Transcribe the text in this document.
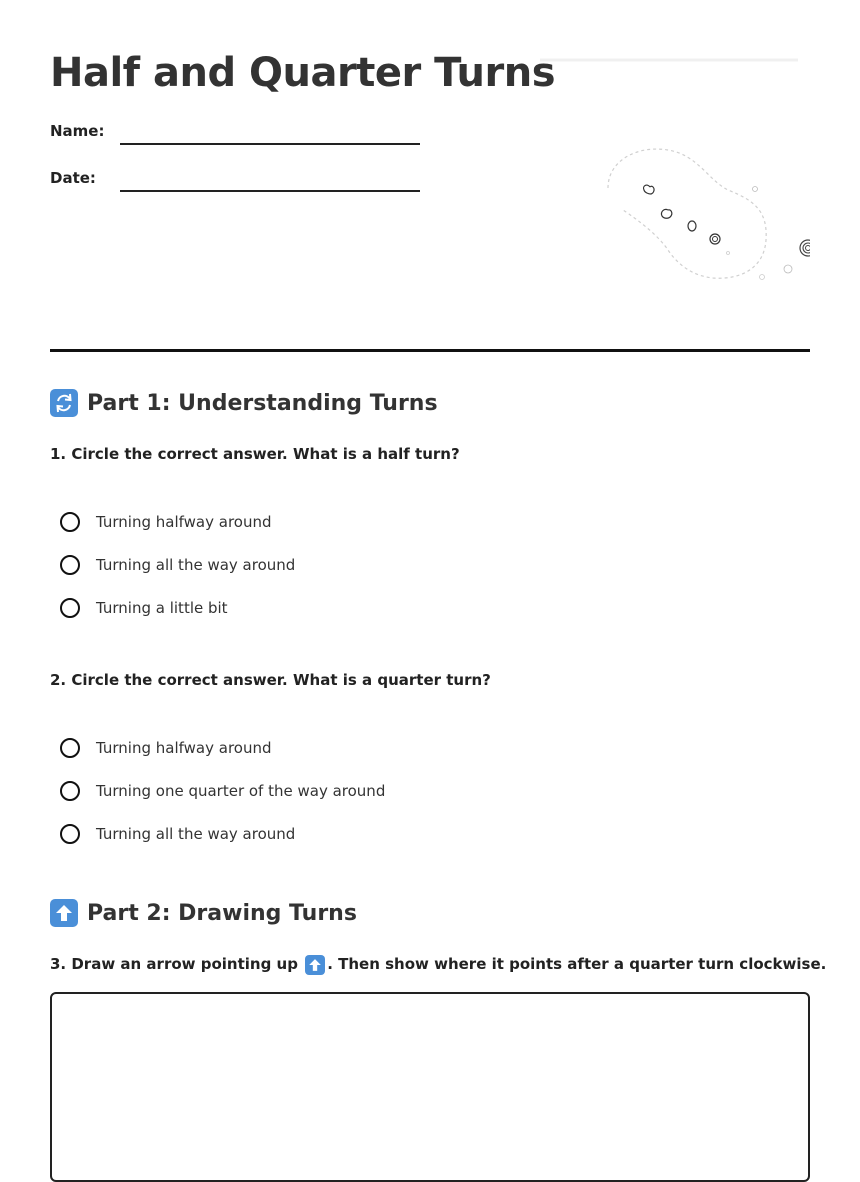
Half and Quarter Turns
Name:
Date:
Part 1: Understanding Turns

1. Circle the correct answer. What is a half turn?

Turning halfway around
Turning all the way around
Turning a little bit

2. Circle the correct answer. What is a quarter turn?

Turning halfway around
Turning one quarter of the way around
Turning all the way around
Part 2: Drawing Turns

3. Draw an arrow pointing up
. Then show where it points after a quarter turn clockwise.
